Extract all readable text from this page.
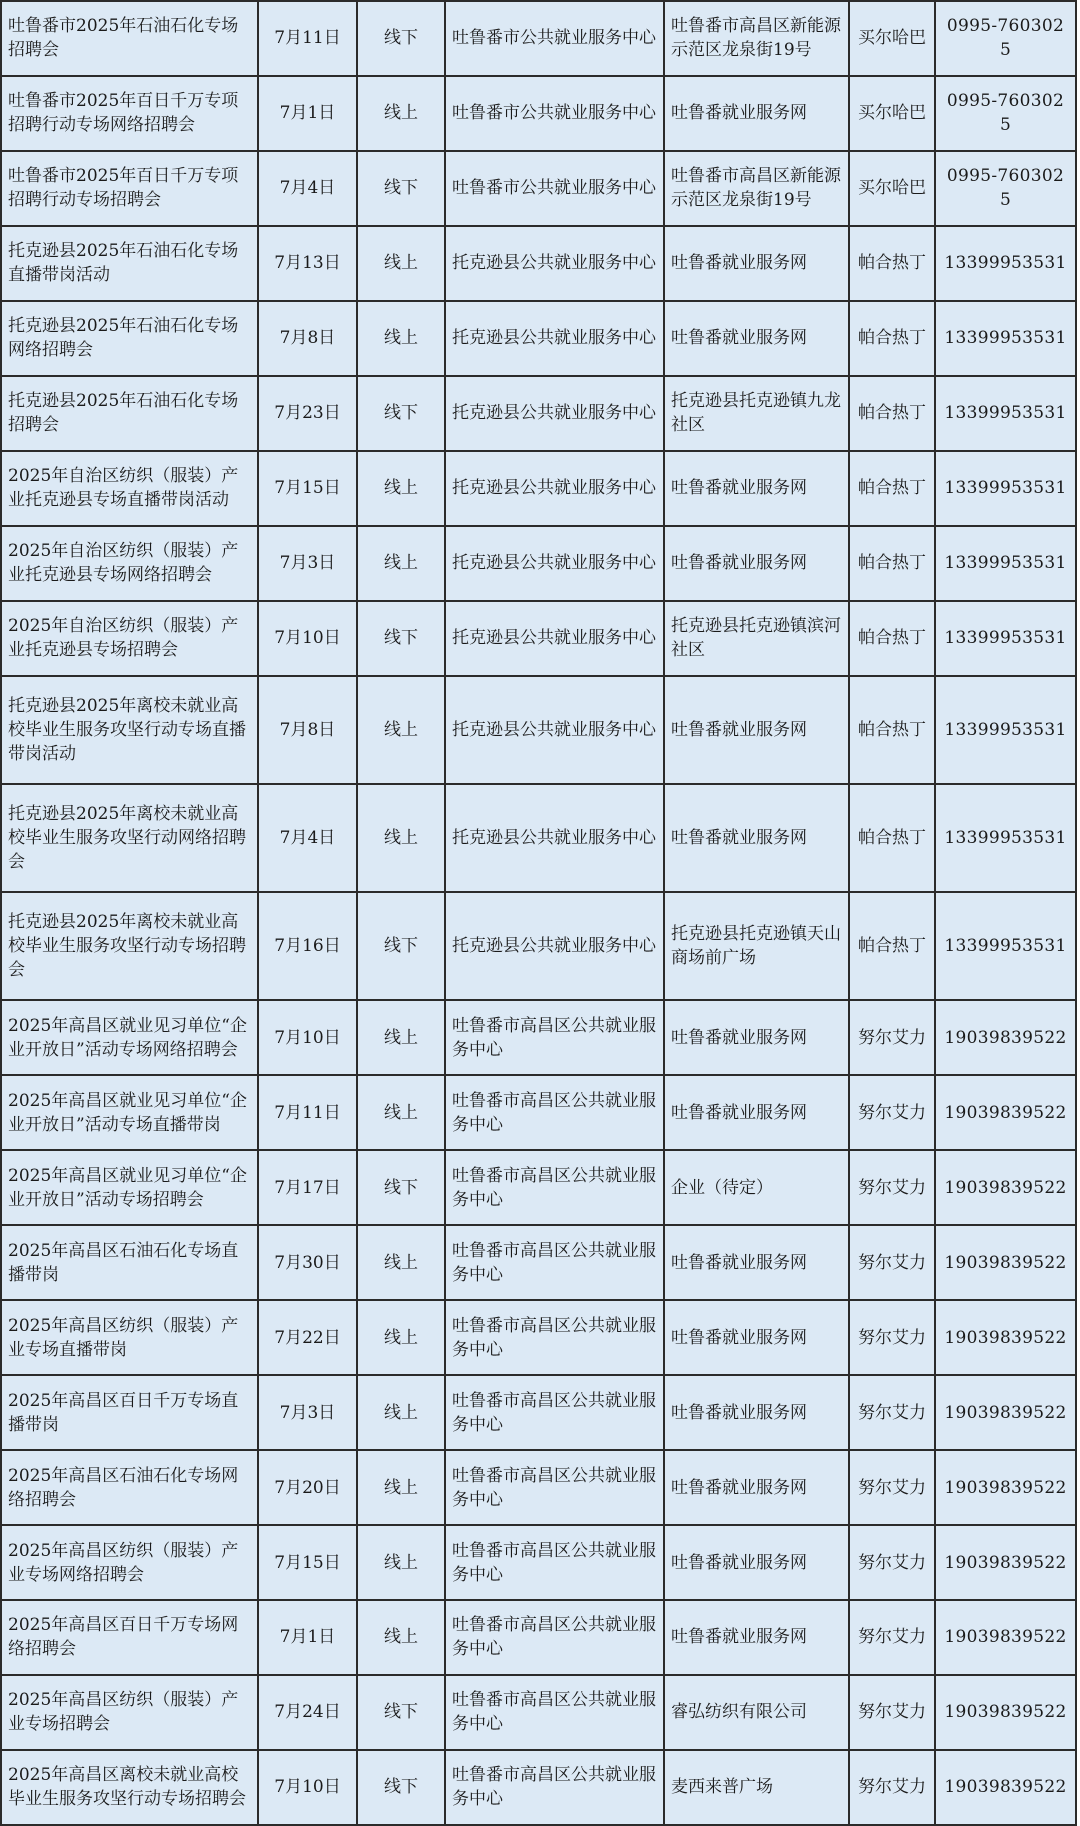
吐鲁番市2025年石油石化专场招聘会	7月11日	线下	吐鲁番市公共就业服务中心	吐鲁番市高昌区新能源示范区龙泉街19号	买尔哈巴	0995-7603025
吐鲁番市2025年百日千万专项招聘行动专场网络招聘会	7月1日	线上	吐鲁番市公共就业服务中心	吐鲁番就业服务网	买尔哈巴	0995-7603025
吐鲁番市2025年百日千万专项招聘行动专场招聘会	7月4日	线下	吐鲁番市公共就业服务中心	吐鲁番市高昌区新能源示范区龙泉街19号	买尔哈巴	0995-7603025
托克逊县2025年石油石化专场直播带岗活动	7月13日	线上	托克逊县公共就业服务中心	吐鲁番就业服务网	帕合热丁	13399953531
托克逊县2025年石油石化专场网络招聘会	7月8日	线上	托克逊县公共就业服务中心	吐鲁番就业服务网	帕合热丁	13399953531
托克逊县2025年石油石化专场招聘会	7月23日	线下	托克逊县公共就业服务中心	托克逊县托克逊镇九龙社区	帕合热丁	13399953531
2025年自治区纺织（服装）产业托克逊县专场直播带岗活动	7月15日	线上	托克逊县公共就业服务中心	吐鲁番就业服务网	帕合热丁	13399953531
2025年自治区纺织（服装）产业托克逊县专场网络招聘会	7月3日	线上	托克逊县公共就业服务中心	吐鲁番就业服务网	帕合热丁	13399953531
2025年自治区纺织（服装）产业托克逊县专场招聘会	7月10日	线下	托克逊县公共就业服务中心	托克逊县托克逊镇滨河社区	帕合热丁	13399953531
托克逊县2025年离校未就业高校毕业生服务攻坚行动专场直播带岗活动	7月8日	线上	托克逊县公共就业服务中心	吐鲁番就业服务网	帕合热丁	13399953531
托克逊县2025年离校未就业高校毕业生服务攻坚行动网络招聘会	7月4日	线上	托克逊县公共就业服务中心	吐鲁番就业服务网	帕合热丁	13399953531
托克逊县2025年离校未就业高校毕业生服务攻坚行动专场招聘会	7月16日	线下	托克逊县公共就业服务中心	托克逊县托克逊镇天山商场前广场	帕合热丁	13399953531
2025年高昌区就业见习单位“企业开放日”活动专场网络招聘会	7月10日	线上	吐鲁番市高昌区公共就业服务中心	吐鲁番就业服务网	努尔艾力	19039839522
2025年高昌区就业见习单位“企业开放日”活动专场直播带岗	7月11日	线上	吐鲁番市高昌区公共就业服务中心	吐鲁番就业服务网	努尔艾力	19039839522
2025年高昌区就业见习单位“企业开放日”活动专场招聘会	7月17日	线下	吐鲁番市高昌区公共就业服务中心	企业（待定）	努尔艾力	19039839522
2025年高昌区石油石化专场直播带岗	7月30日	线上	吐鲁番市高昌区公共就业服务中心	吐鲁番就业服务网	努尔艾力	19039839522
2025年高昌区纺织（服装）产业专场直播带岗	7月22日	线上	吐鲁番市高昌区公共就业服务中心	吐鲁番就业服务网	努尔艾力	19039839522
2025年高昌区百日千万专场直播带岗	7月3日	线上	吐鲁番市高昌区公共就业服务中心	吐鲁番就业服务网	努尔艾力	19039839522
2025年高昌区石油石化专场网络招聘会	7月20日	线上	吐鲁番市高昌区公共就业服务中心	吐鲁番就业服务网	努尔艾力	19039839522
2025年高昌区纺织（服装）产业专场网络招聘会	7月15日	线上	吐鲁番市高昌区公共就业服务中心	吐鲁番就业服务网	努尔艾力	19039839522
2025年高昌区百日千万专场网络招聘会	7月1日	线上	吐鲁番市高昌区公共就业服务中心	吐鲁番就业服务网	努尔艾力	19039839522
2025年高昌区纺织（服装）产业专场招聘会	7月24日	线下	吐鲁番市高昌区公共就业服务中心	睿弘纺织有限公司	努尔艾力	19039839522
2025年高昌区离校未就业高校毕业生服务攻坚行动专场招聘会	7月10日	线下	吐鲁番市高昌区公共就业服务中心	麦西来普广场	努尔艾力	19039839522
